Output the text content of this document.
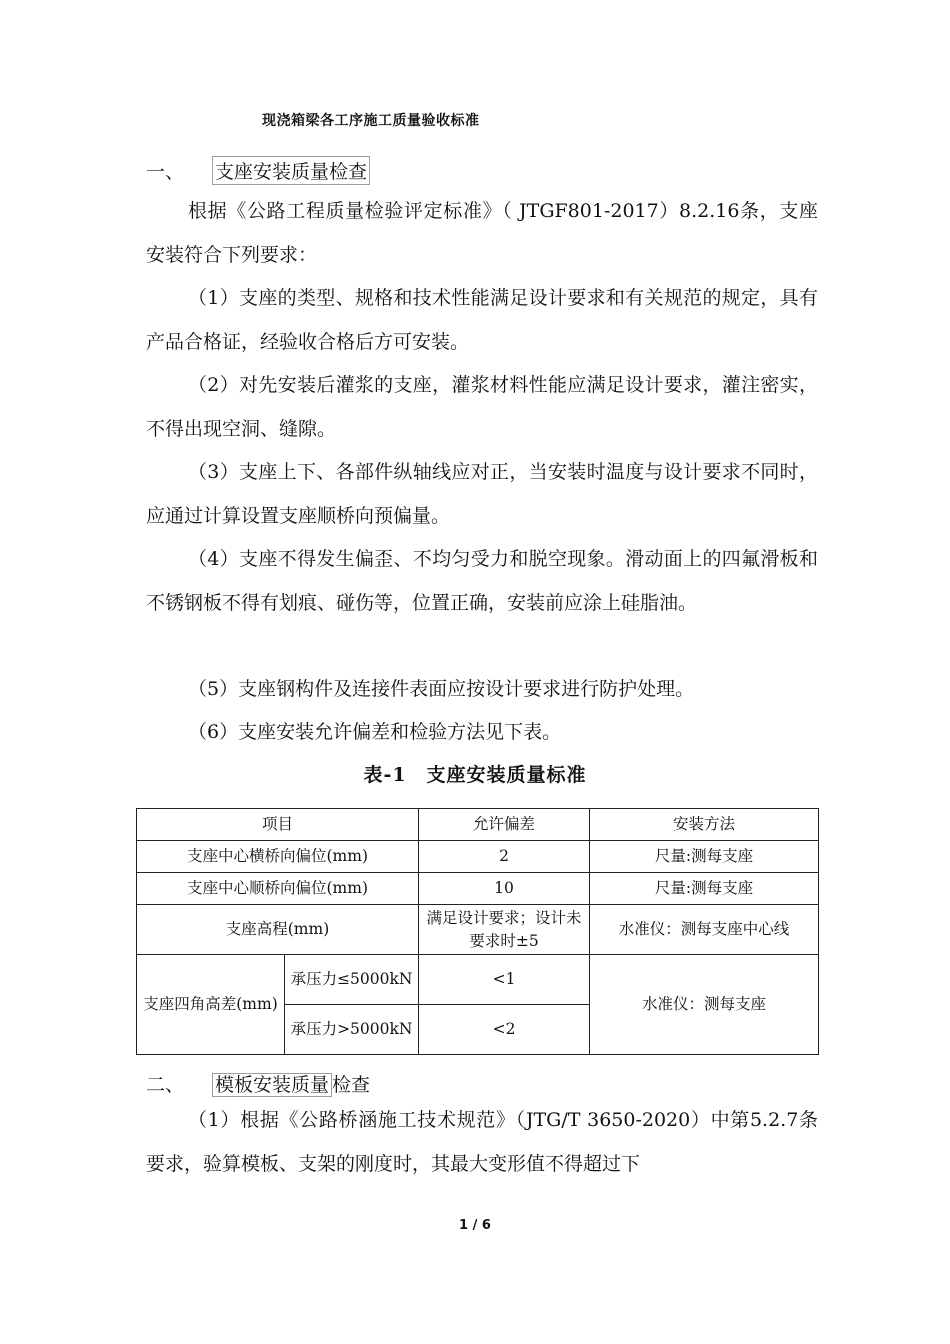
现浇箱梁各工序施工质量验收标准
一、 支座安装质量检查

根据《公路工程质量检验评定标准》（ JTGF801-2017）8.2.16条，支座安装符合下列要求：

（1）支座的类型、规格和技术性能满足设计要求和有关规范的规定，具有产品合格证，经验收合格后方可安装。

（2）对先安装后灌浆的支座，灌浆材料性能应满足设计要求，灌注密实，不得出现空洞、缝隙。

（3）支座上下、各部件纵轴线应对正，当安装时温度与设计要求不同时，应通过计算设置支座顺桥向预偏量。

（4）支座不得发生偏歪、不均匀受力和脱空现象。滑动面上的四氟滑板和不锈钢板不得有划痕、碰伤等，位置正确，安装前应涂上硅脂油。

（5）支座钢构件及连接件表面应按设计要求进行防护处理。

（6）支座安装允许偏差和检验方法见下表。

表-1　支座安装质量标准
项目		允许偏差	安装方法
支座中心横桥向偏位(mm)		2	尺量:测每支座
支座中心顺桥向偏位(mm)		10	尺量:测每支座
支座高程(mm)		满足设计要求；设计未要求时±5	水准仪：测每支座中心线
支座四角高差(mm)	承压力≤5000kN	<1	水准仪：测每支座
	承压力>5000kN	<2	
二、 模板安装质量 检查

（1）根据《公路桥涵施工技术规范》（JTG/T 3650-2020）中第5.2.7条要求，验算模板、支架的刚度时，其最大变形值不得超过下

1 / 6
